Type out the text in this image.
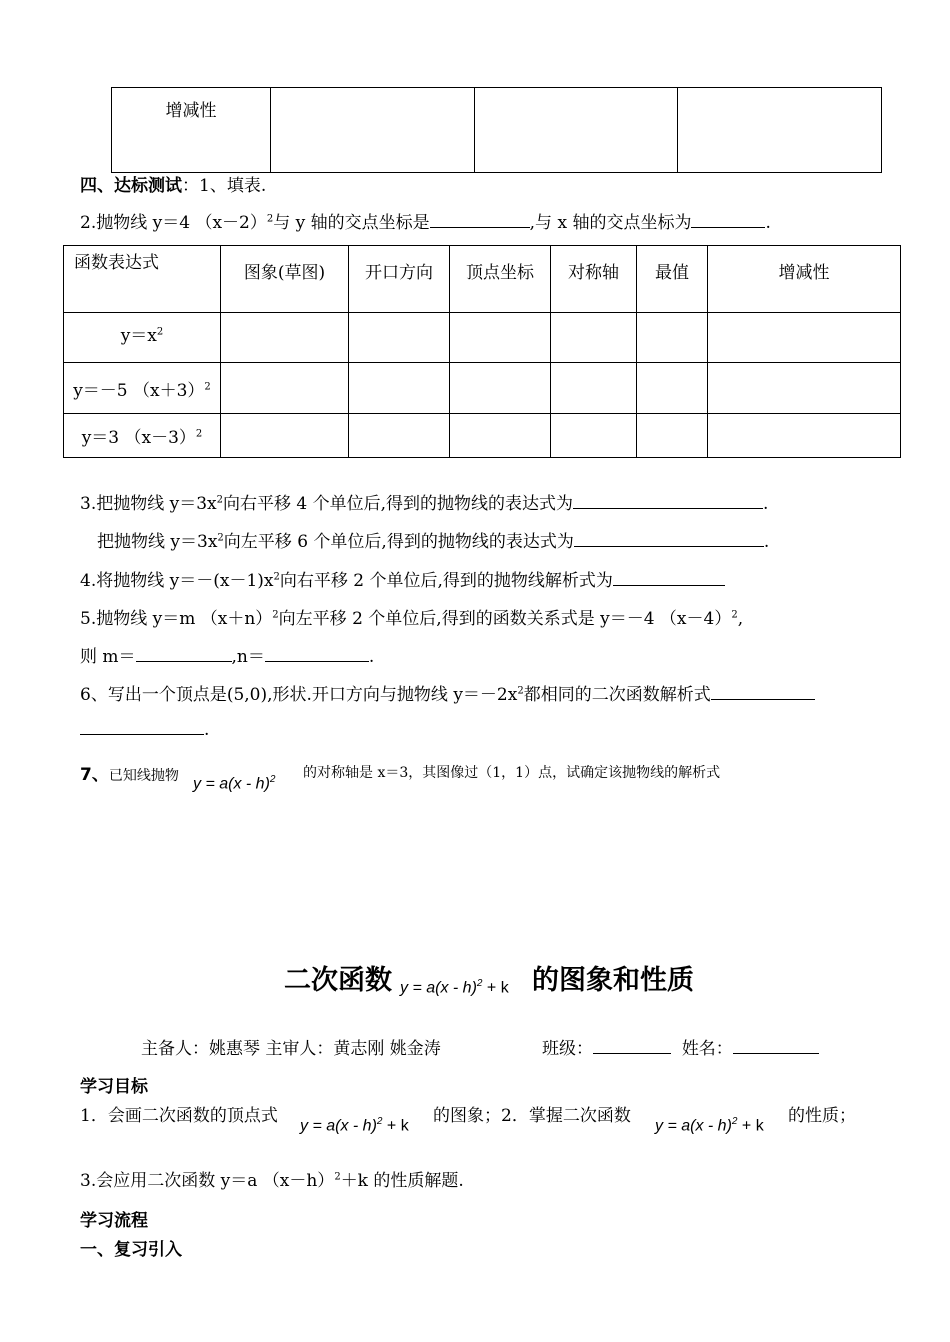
增减性			
四、达标测试：1、填表.
2.抛物线 y＝4 $(x-2)^2$与 y 轴的交点坐标是	,与 x 轴的交点坐标为	.
函数表达式	图象(草图)	开口方向	顶点坐标	对称轴	最值	增减性
$y=x^2$						
y＝－5 $(x+3)^2$						
y＝3 $(x-3)^2$						
3.把抛物线 $y=3x^2$向右平移 4 个单位后,得到的抛物线的表达式为	.
把抛物线 $y=3x^2$向左平移 6 个单位后,得到的抛物线的表达式为	.
4.将抛物线 $y=-(x-1)x^2$向右平移 2 个单位后,得到的抛物线解析式为
5.抛物线 y＝m $(x+n)^2$向左平移 2 个单位后,得到的函数关系式是 y＝－4 $(x-4)^2$,
则 m＝	,n＝	.
6、写出一个顶点是(5,0),形状.开口方向与抛物线 $y=-2x^2$都相同的二次函数解析式
.
7、已知线抛物 y = a(x - h)$^2$ 的对称轴是 x＝3，其图像过（1，1）点，试确定该抛物线的解析式
二次函数 y = a(x - h)$^2$ + k 的图象和性质
主备人：姚惠琴 主审人：黄志刚 姚金涛	班级：	姓名：
学习目标
1．会画二次函数的顶点式 y = a(x - h)$^2$ + k 的图象；2．掌握二次函数 y = a(x - h)$^2$ + k 的性质；
3.会应用二次函数 y＝a $(x-h)^2+k$ 的性质解题.
学习流程
一、复习引入
